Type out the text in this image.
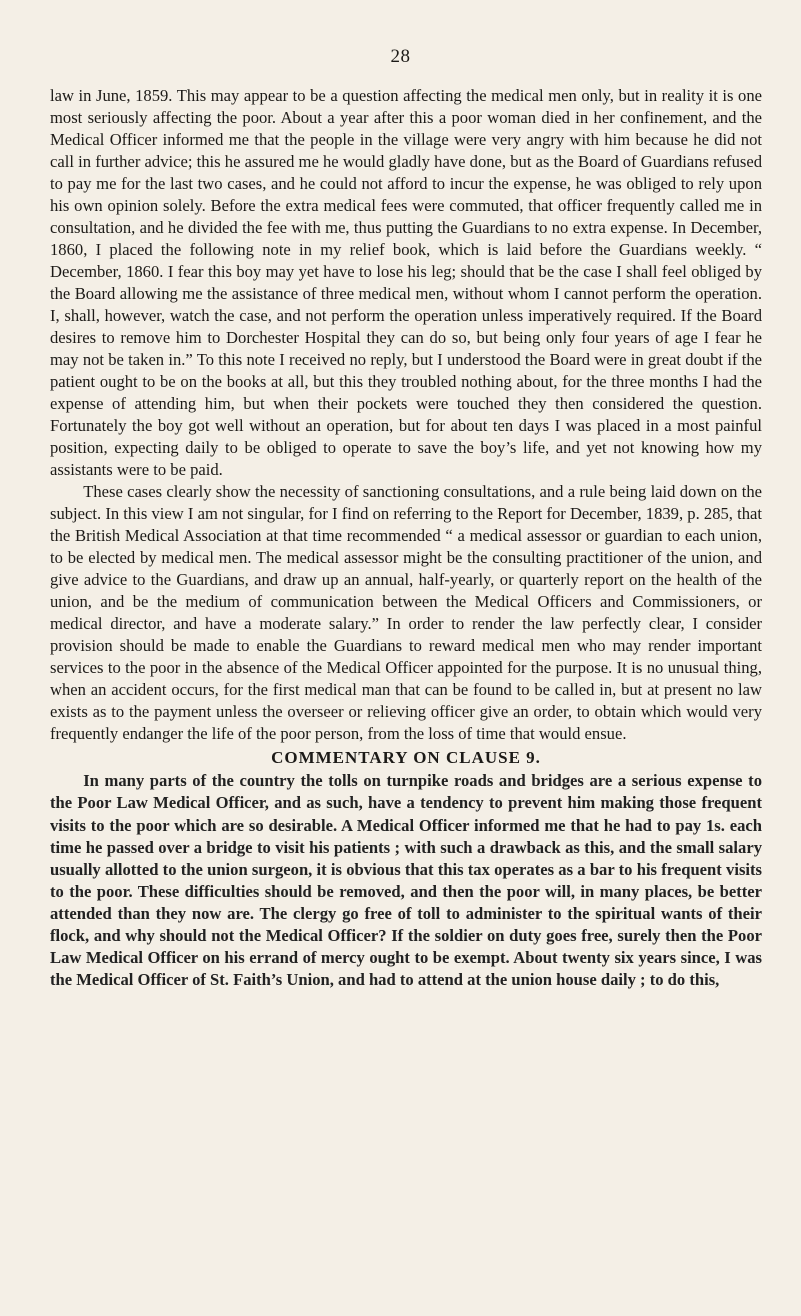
28

law in June, 1859. This may appear to be a question affecting the medical men only, but in reality it is one most seriously affecting the poor. About a year after this a poor woman died in her confinement, and the Medical Officer informed me that the people in the village were very angry with him because he did not call in further advice; this he assured me he would gladly have done, but as the Board of Guardians refused to pay me for the last two cases, and he could not afford to incur the expense, he was obliged to rely upon his own opinion solely. Before the extra medical fees were commuted, that officer frequently called me in consultation, and he divided the fee with me, thus putting the Guardians to no extra expense. In December, 1860, I placed the following note in my relief book, which is laid before the Guardians weekly. “ December, 1860. I fear this boy may yet have to lose his leg; should that be the case I shall feel obliged by the Board allowing me the assistance of three medical men, without whom I cannot perform the operation. I, shall, however, watch the case, and not perform the operation unless imperatively required. If the Board desires to remove him to Dorchester Hospital they can do so, but being only four years of age I fear he may not be taken in.” To this note I received no reply, but I understood the Board were in great doubt if the patient ought to be on the books at all, but this they troubled nothing about, for the three months I had the expense of attending him, but when their pockets were touched they then considered the question. Fortunately the boy got well without an operation, but for about ten days I was placed in a most painful position, expecting daily to be obliged to operate to save the boy’s life, and yet not knowing how my assistants were to be paid.

These cases clearly show the necessity of sanctioning consultations, and a rule being laid down on the subject. In this view I am not singular, for I find on referring to the Report for December, 1839, p. 285, that the British Medical Association at that time recommended “ a medical assessor or guardian to each union, to be elected by medical men. The medical assessor might be the consulting practitioner of the union, and give advice to the Guardians, and draw up an annual, half-yearly, or quarterly report on the health of the union, and be the medium of communication between the Medical Officers and Commissioners, or medical director, and have a moderate salary.” In order to render the law perfectly clear, I consider provision should be made to enable the Guardians to reward medical men who may render important services to the poor in the absence of the Medical Officer appointed for the purpose. It is no unusual thing, when an accident occurs, for the first medical man that can be found to be called in, but at present no law exists as to the payment unless the overseer or relieving officer give an order, to obtain which would very frequently endanger the life of the poor person, from the loss of time that would ensue.

COMMENTARY ON CLAUSE 9.

In many parts of the country the tolls on turnpike roads and bridges are a serious expense to the Poor Law Medical Officer, and as such, have a tendency to prevent him making those frequent visits to the poor which are so desirable. A Medical Officer informed me that he had to pay 1s. each time he passed over a bridge to visit his patients ; with such a drawback as this, and the small salary usually allotted to the union surgeon, it is obvious that this tax operates as a bar to his frequent visits to the poor. These difficulties should be removed, and then the poor will, in many places, be better attended than they now are. The clergy go free of toll to administer to the spiritual wants of their flock, and why should not the Medical Officer? If the soldier on duty goes free, surely then the Poor Law Medical Officer on his errand of mercy ought to be exempt. About twenty six years since, I was the Medical Officer of St. Faith’s Union, and had to attend at the union house daily ; to do this,
